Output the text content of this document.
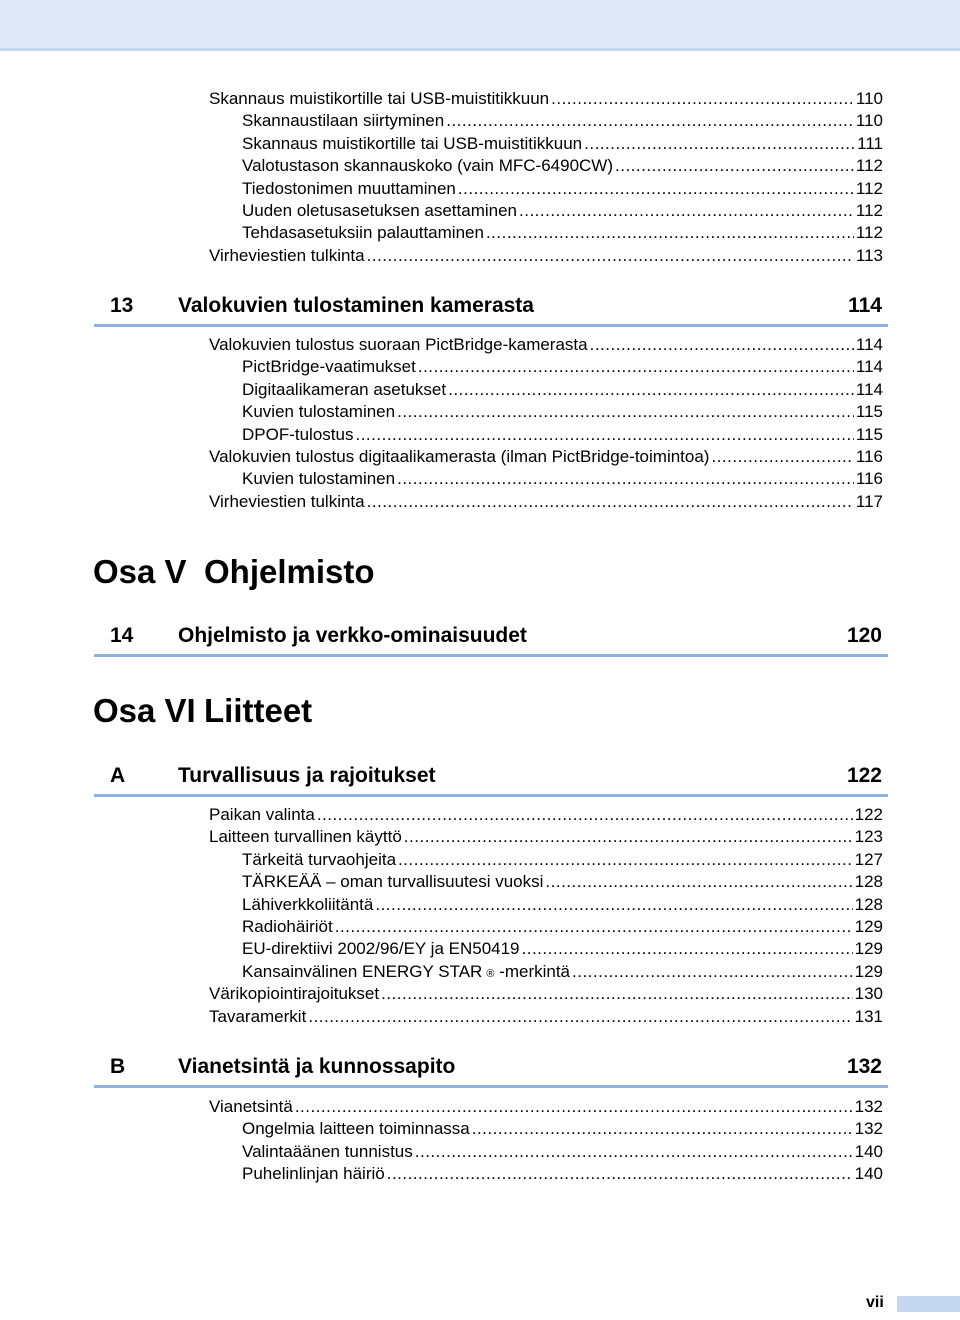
Skannaus muistikortille tai USB-muistitikkuun .....	110
Skannaustilaan siirtyminen .....	110
Skannaus muistikortille tai USB-muistitikkuun .....	111
Valotustason skannauskoko (vain MFC-6490CW) .....	112
Tiedostonimen muuttaminen .....	112
Uuden oletusasetuksen asettaminen .....	112
Tehdasasetuksiin palauttaminen .....	112
Virheviestien tulkinta .....	113
13 Valokuvien tulostaminen kamerasta	114
Valokuvien tulostus suoraan PictBridge-kamerasta .....	114
PictBridge-vaatimukset .....	114
Digitaalikameran asetukset .....	114
Kuvien tulostaminen .....	115
DPOF-tulostus .....	115
Valokuvien tulostus digitaalikamerasta (ilman PictBridge-toimintoa) .....	116
Kuvien tulostaminen .....	116
Virheviestien tulkinta .....	117
Osa V Ohjelmisto
14 Ohjelmisto ja verkko-ominaisuudet	120
Osa VI Liitteet
A	Turvallisuus ja rajoitukset	122
Paikan valinta .....	122
Laitteen turvallinen käyttö .....	123
Tärkeitä turvaohjeita .....	127
TÄRKEÄÄ – oman turvallisuutesi vuoksi .....	128
Lähiverkkoliitäntä .....	128
Radiohäiriöt .....	129
EU-direktiivi 2002/96/EY ja EN50419 .....	129
Kansainvälinen ENERGY STAR ® -merkintä .....	129
Värikopiointirajoitukset .....	130
Tavaramerkit .....	131
B	Vianetsintä ja kunnossapito	132
Vianetsintä .....	132
Ongelmia laitteen toiminnassa .....	132
Valintaäänen tunnistus .....	140
Puhelinlinjan häiriö .....	140
vii
